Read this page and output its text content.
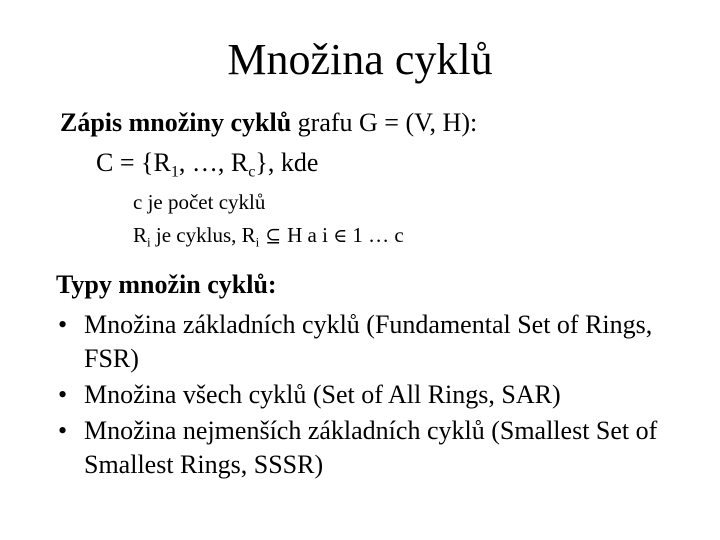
Množina cyklů
Zápis množiny cyklů grafu G = (V, H):
$C = \{R_1$, …, $R_c$}, kde
c je počet cyklů
$R_i$ je cyklus, $R_i$ ⊆ H a i ∈ 1 … c
Typy množin cyklů:
• Množina základních cyklů (Fundamental Set of Rings, FSR)
• Množina všech cyklů (Set of All Rings, SAR)
• Množina nejmenších základních cyklů (Smallest Set of Smallest Rings, SSSR)
